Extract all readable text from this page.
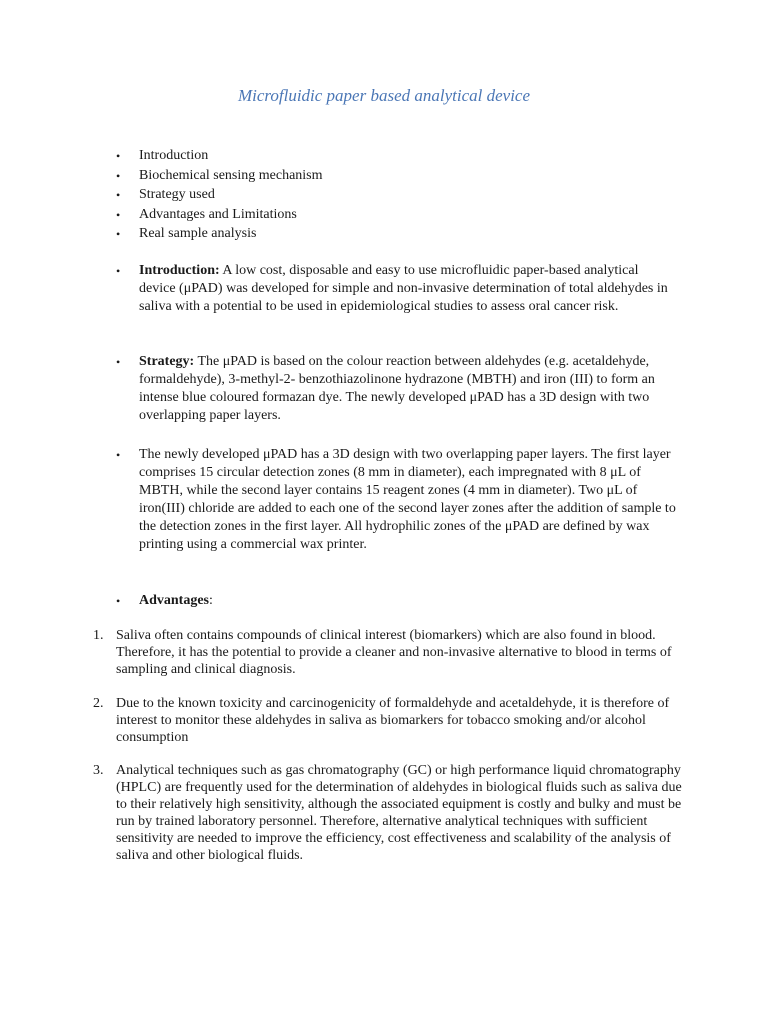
Microfluidic paper based analytical device
•	Introduction
•	Biochemical sensing mechanism
•	Strategy used
•	Advantages and Limitations
•	Real sample analysis
•	Introduction: A low cost, disposable and easy to use microfluidic paper-based analytical device (μPAD) was developed for simple and non-invasive determination of total aldehydes in saliva with a potential to be used in epidemiological studies to assess oral cancer risk.
•	Strategy: The μPAD is based on the colour reaction between aldehydes (e.g. acetaldehyde, formaldehyde), 3-methyl-2- benzothiazolinone hydrazone (MBTH) and iron (III) to form an intense blue coloured formazan dye. The newly developed μPAD has a 3D design with two overlapping paper layers.
•	The newly developed μPAD has a 3D design with two overlapping paper layers. The first layer comprises 15 circular detection zones (8 mm in diameter), each impregnated with 8 μL of MBTH, while the second layer contains 15 reagent zones (4 mm in diameter). Two μL of iron(III) chloride are added to each one of the second layer zones after the addition of sample to the detection zones in the first layer. All hydrophilic zones of the μPAD are defined by wax printing using a commercial wax printer.
•	Advantages:
1. Saliva often contains compounds of clinical interest (biomarkers) which are also found in blood. Therefore, it has the potential to provide a cleaner and non-invasive alternative to blood in terms of sampling and clinical diagnosis.
2. Due to the known toxicity and carcinogenicity of formaldehyde and acetaldehyde, it is therefore of interest to monitor these aldehydes in saliva as biomarkers for tobacco smoking and/or alcohol consumption
3. Analytical techniques such as gas chromatography (GC) or high performance liquid chromatography (HPLC) are frequently used for the determination of aldehydes in biological fluids such as saliva due to their relatively high sensitivity, although the associated equipment is costly and bulky and must be run by trained laboratory personnel. Therefore, alternative analytical techniques with sufficient sensitivity are needed to improve the efficiency, cost effectiveness and scalability of the analysis of saliva and other biological fluids.
